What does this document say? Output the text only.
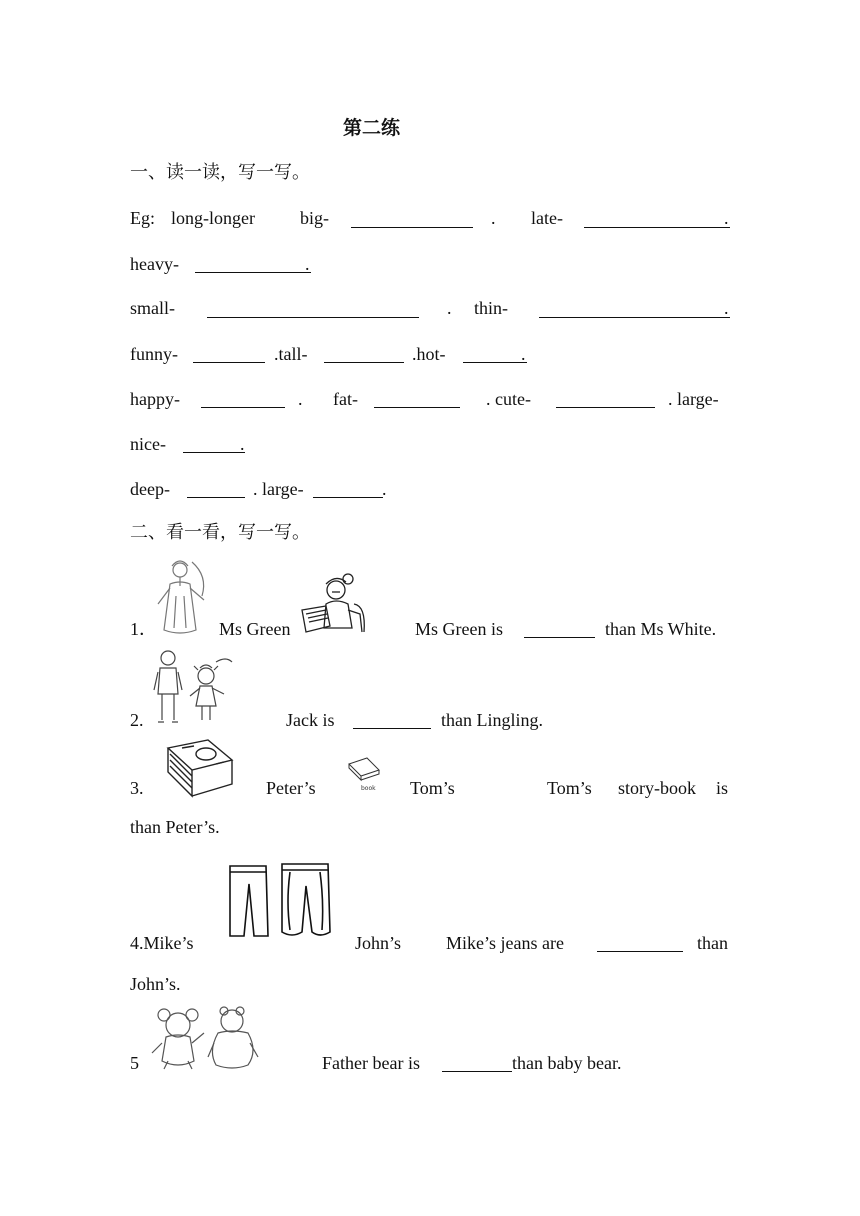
第二练
一、读一读，写一写。
Eg: long-longer	big-	. late-	.
heavy-	.
small-	. thin-	.
funny-	.tall-	.hot-	.
happy-	. fat-	. cute-	. large-
nice-	.
deep-	. large-	.
二、看一看，写一写。
1．	Ms Green	Ms Green is	than Ms White.
2.	Jack is	than Lingling.
3.	Peter’s	book Tom’s	Tom’s story-book is
than Peter’s.
4.Mike’s	John’s Mike’s jeans are	than
John’s.
5	Father bear is	than baby bear.
